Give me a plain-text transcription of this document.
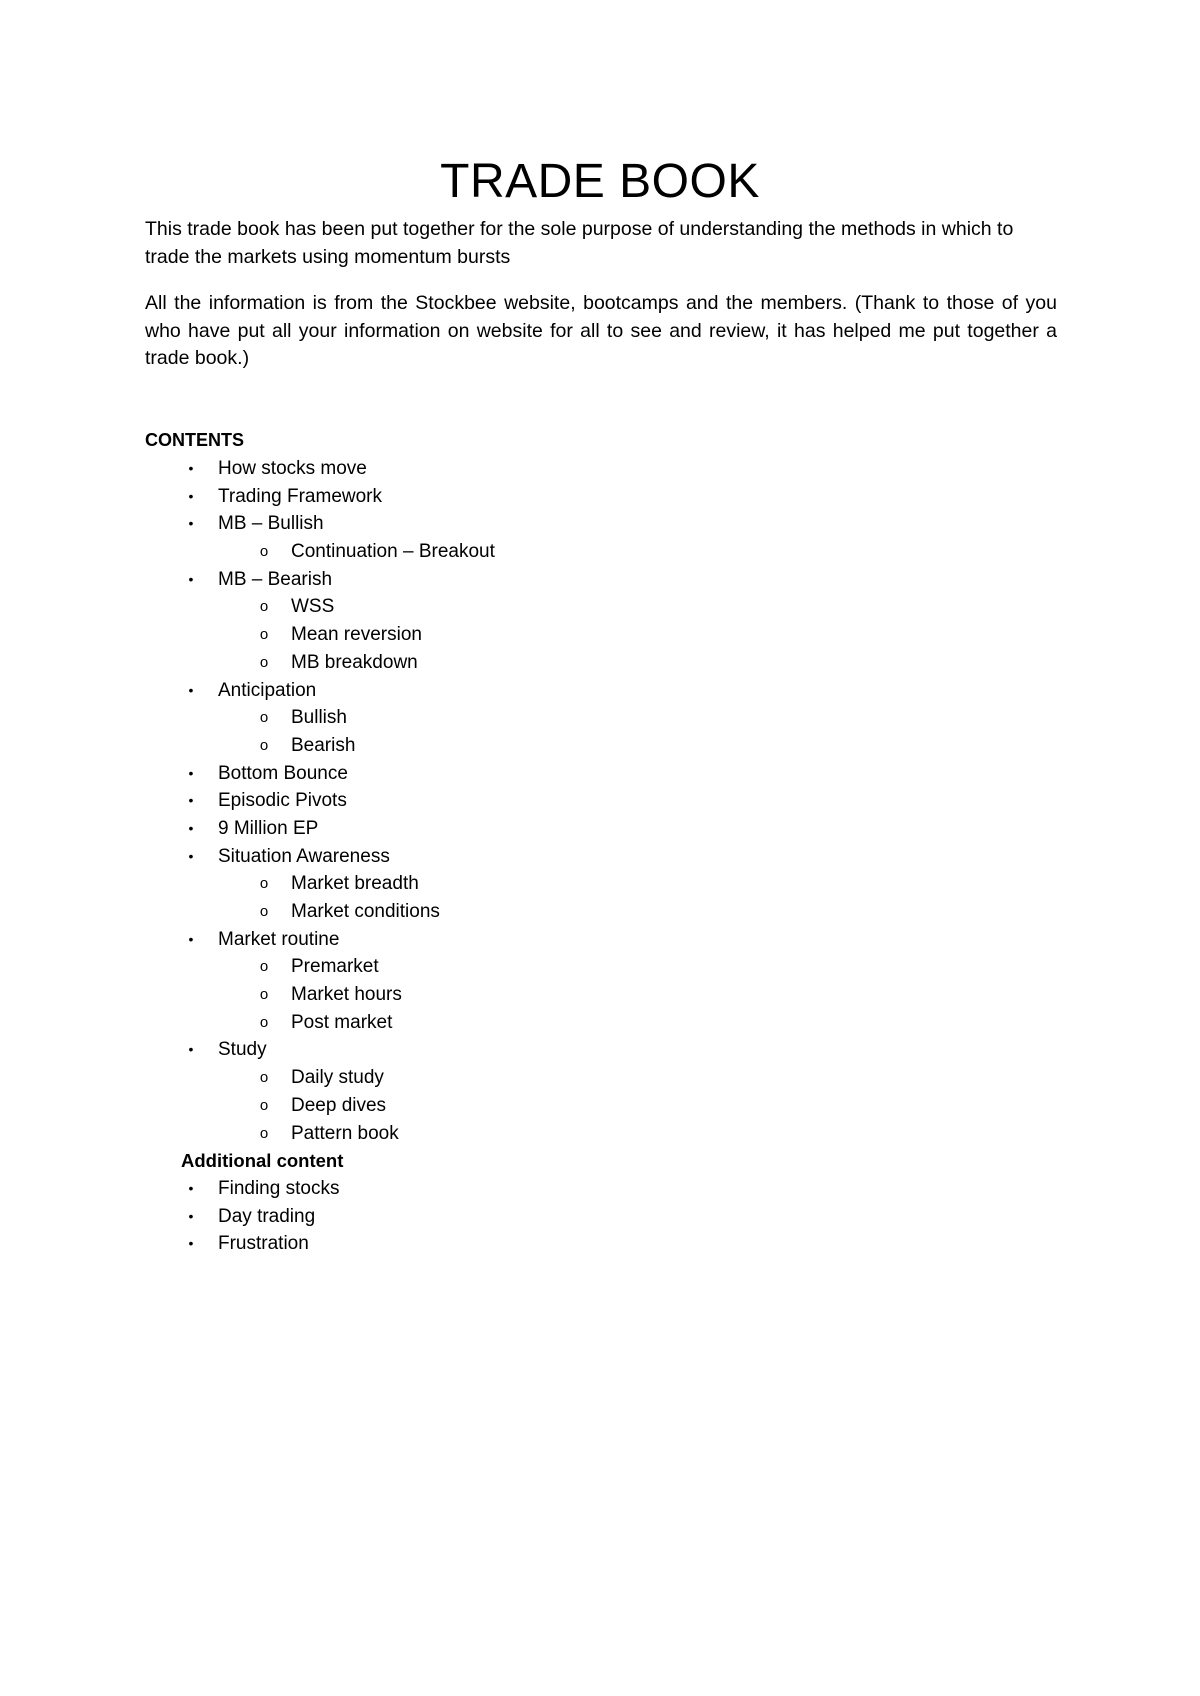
TRADE BOOK

This trade book has been put together for the sole purpose of understanding the methods in which to trade the markets using momentum bursts

All the information is from the Stockbee website, bootcamps and the members. (Thank to those of you who have put all your information on website for all to see and review, it has helped me put together a trade book.)

CONTENTS
•	How stocks move
•	Trading Framework
•	MB – Bullish
o	Continuation – Breakout
•	MB – Bearish
o	WSS
o	Mean reversion
o	MB breakdown
•	Anticipation
o	Bullish
o	Bearish
•	Bottom Bounce
•	Episodic Pivots
•	9 Million EP
•	Situation Awareness
o	Market breadth
o	Market conditions
•	Market routine
o	Premarket
o	Market hours
o	Post market
•	Study
o	Daily study
o	Deep dives
o	Pattern book
Additional content
•	Finding stocks
•	Day trading
•	Frustration
